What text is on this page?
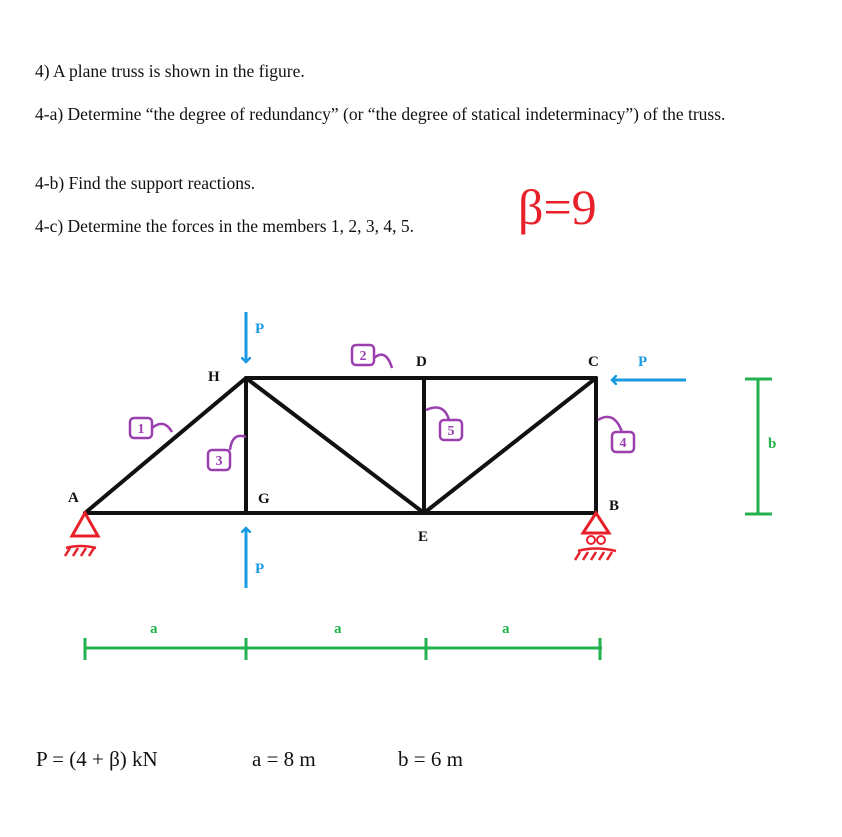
4) A plane truss is shown in the figure.

4-a) Determine “the degree of redundancy” (or “the degree of statical indeterminacy”) of the truss.

4-b) Find the support reactions.

4-c) Determine the forces in the members 1, 2, 3, 4, 5. β=9
P
P
P
A
H
G
D
E
C
B
1
2
3
4
5
a	a	a
b
P = (4 + β) kN	a = 8 m	b = 6 m
